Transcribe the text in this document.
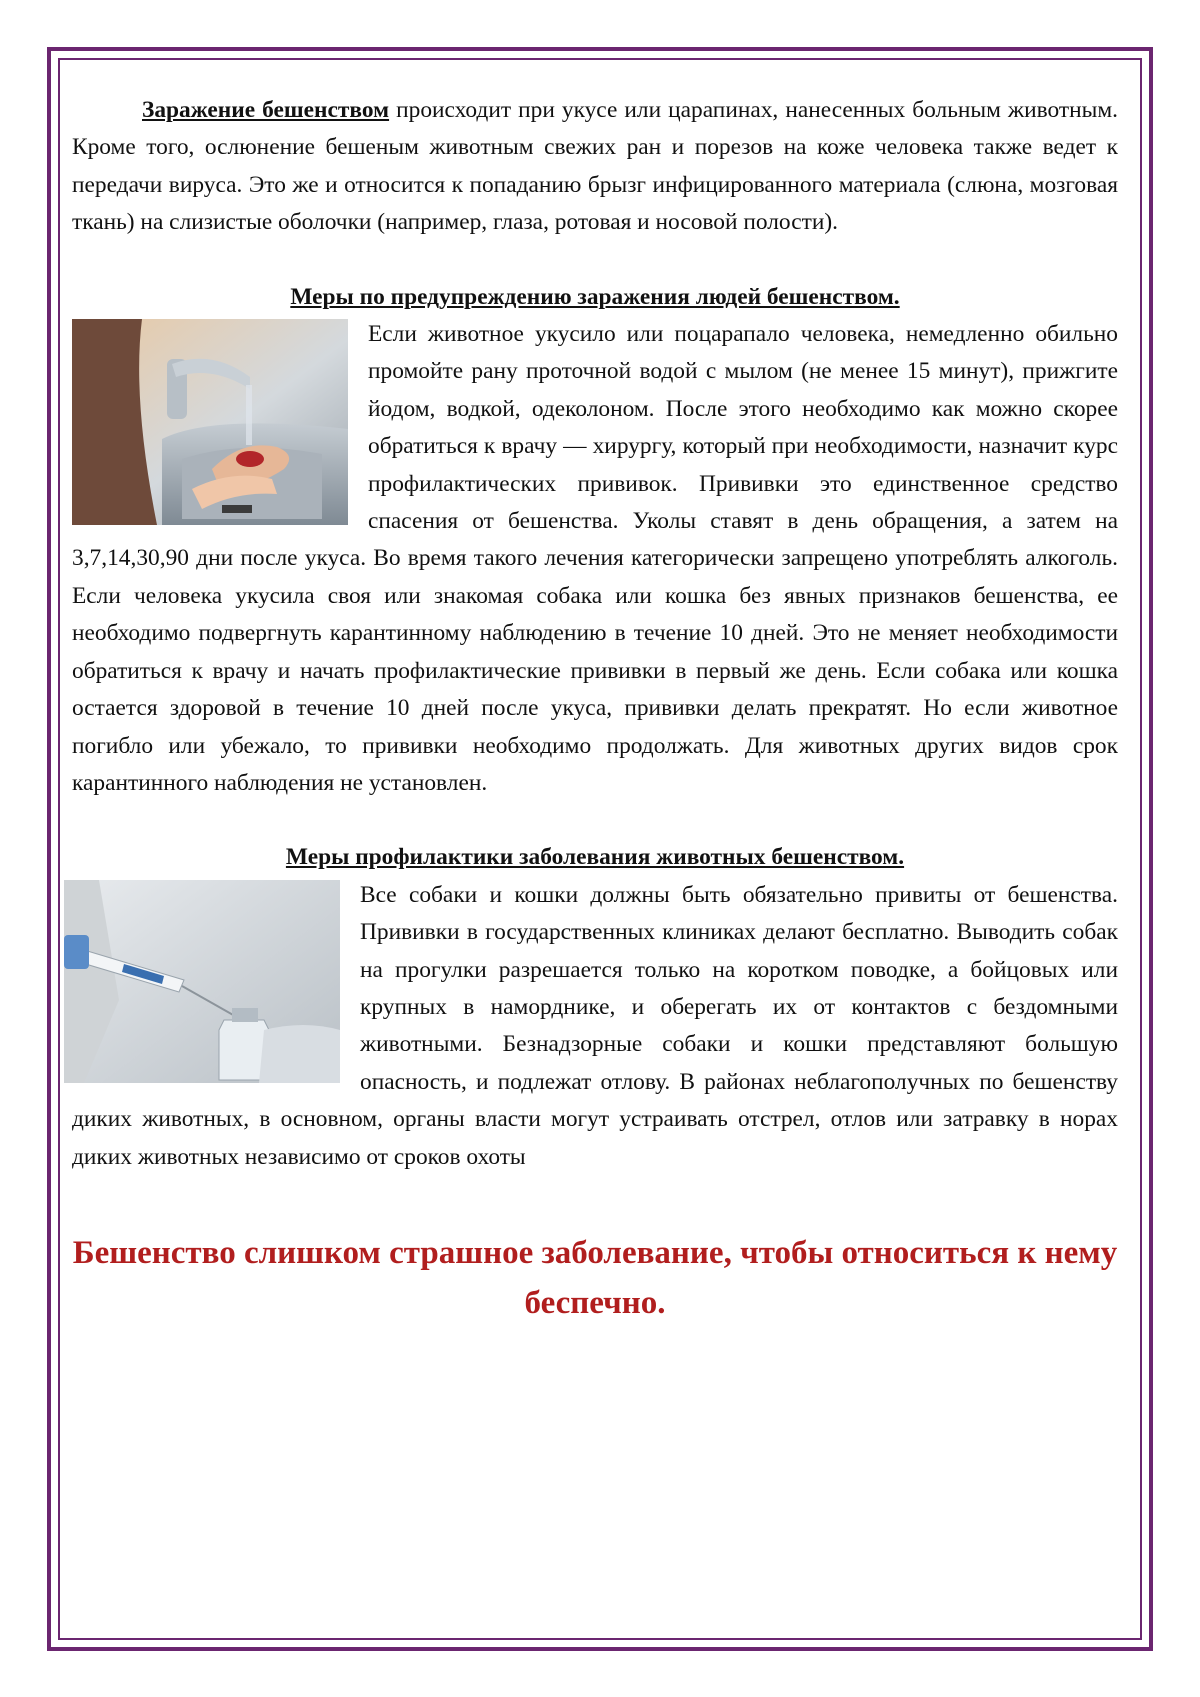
Заражение бешенством происходит при укусе или царапинах, нанесенных больным животным. Кроме того, ослюнение бешеным животным свежих ран и порезов на коже человека также ведет к передачи вируса. Это же и относится к попаданию брызг инфицированного материала (слюна, мозговая ткань) на слизистые оболочки (например, глаза, ротовая и носовой полости).

Меры по предупреждению заражения людей бешенством.

Если животное укусило или поцарапало человека, немедленно обильно промойте рану проточной водой с мылом (не менее 15 минут), прижгите йодом, водкой, одеколоном. После этого необходимо как можно скорее обратиться к врачу — хирургу, который при необходимости, назначит курс профилактических прививок. Прививки это единственное средство спасения от бешенства. Уколы ставят в день обращения, а затем на 3,7,14,30,90 дни после укуса. Во время такого лечения категорически запрещено употреблять алкоголь. Если человека укусила своя или знакомая собака или кошка без явных признаков бешенства, ее необходимо подвергнуть карантинному наблюдению в течение 10 дней. Это не меняет необходимости обратиться к врачу и начать профилактические прививки в первый же день. Если собака или кошка остается здоровой в течение 10 дней после укуса, прививки делать прекратят. Но если животное погибло или убежало, то прививки необходимо продолжать. Для животных других видов срок карантинного наблюдения не установлен.

Меры профилактики заболевания животных бешенством.

Все собаки и кошки должны быть обязательно привиты от бешенства. Прививки в государственных клиниках делают бесплатно. Выводить собак на прогулки разрешается только на коротком поводке, а бойцовых или крупных в наморднике, и оберегать их от контактов с бездомными животными. Безнадзорные собаки и кошки представляют большую опасность, и подлежат отлову. В районах неблагополучных по бешенству диких животных, в основном, органы власти могут устраивать отстрел, отлов или затравку в норах диких животных независимо от сроков охоты

Бешенство слишком страшное заболевание, чтобы относиться к нему беспечно.
